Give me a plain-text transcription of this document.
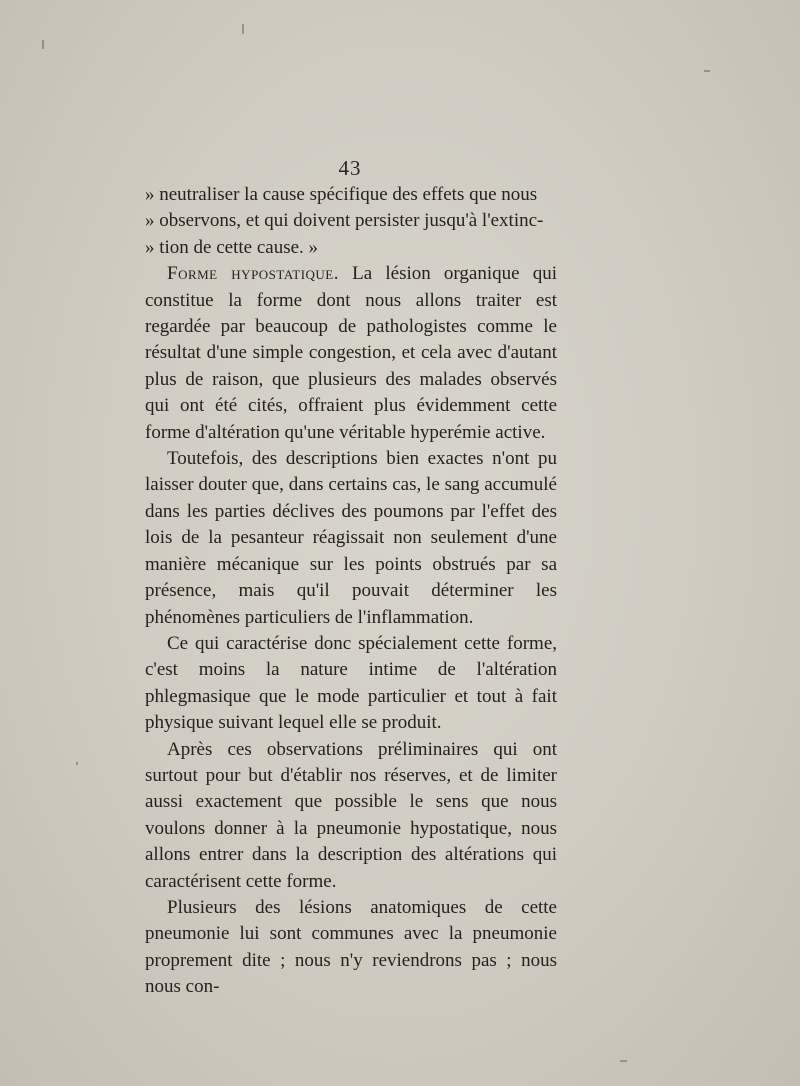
43
» neutraliser la cause spécifique des effets que nous
» observons, et qui doivent persister jusqu'à l'extinc-
» tion de cette cause. »

Forme hypostatique. La lésion organique qui constitue la forme dont nous allons traiter est regardée par beaucoup de pathologistes comme le résultat d'une simple congestion, et cela avec d'autant plus de raison, que plusieurs des malades observés qui ont été cités, offraient plus évidemment cette forme d'altération qu'une véritable hyperémie active.

Toutefois, des descriptions bien exactes n'ont pu laisser douter que, dans certains cas, le sang accumulé dans les parties déclives des poumons par l'effet des lois de la pesanteur réagissait non seulement d'une manière mécanique sur les points obstrués par sa présence, mais qu'il pouvait déterminer les phénomènes particuliers de l'inflammation.

Ce qui caractérise donc spécialement cette forme, c'est moins la nature intime de l'altération phlegmasique que le mode particulier et tout à fait physique suivant lequel elle se produit.

Après ces observations préliminaires qui ont surtout pour but d'établir nos réserves, et de limiter aussi exactement que possible le sens que nous voulons donner à la pneumonie hypostatique, nous allons entrer dans la description des altérations qui caractérisent cette forme.

Plusieurs des lésions anatomiques de cette pneumonie lui sont communes avec la pneumonie proprement dite ; nous n'y reviendrons pas ; nous nous con-
